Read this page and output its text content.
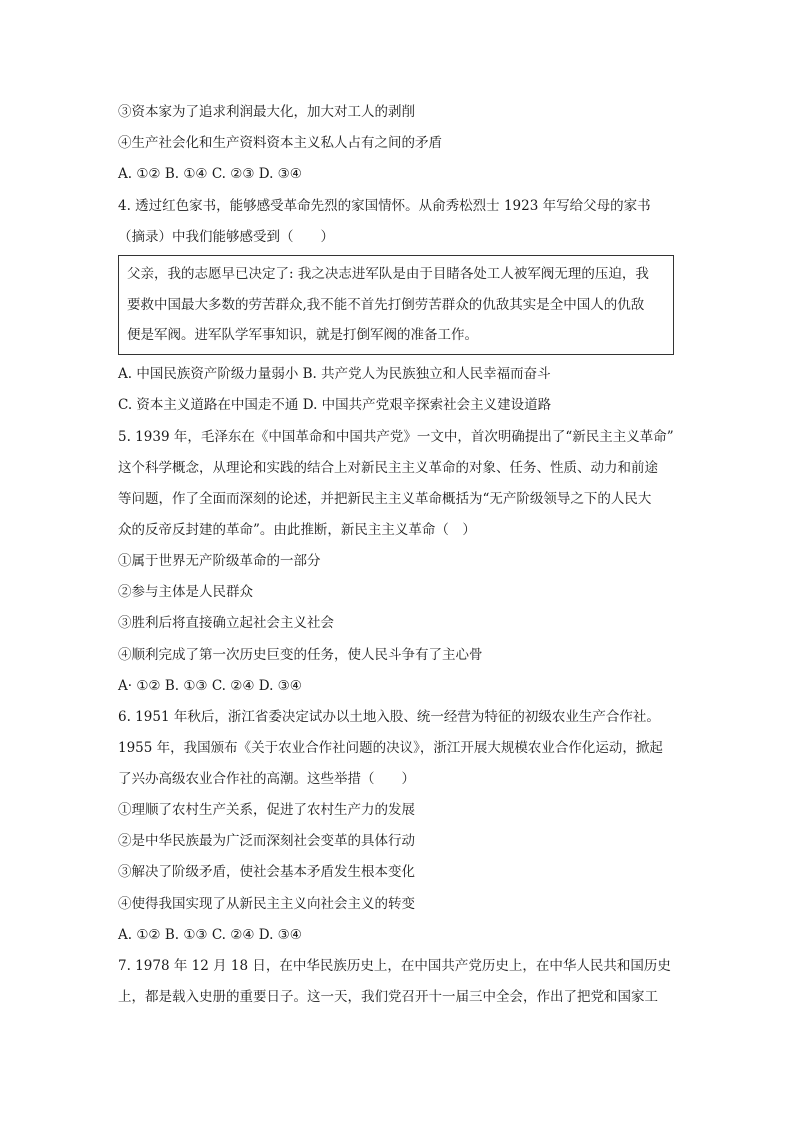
③资本家为了追求利润最大化，加大对工人的剥削
④生产社会化和生产资料资本主义私人占有之间的矛盾
A. ①② B. ①④ C. ②③ D. ③④
4. 透过红色家书，能够感受革命先烈的家国情怀。从俞秀松烈士 1923 年写给父母的家书
（摘录）中我们能够感受到（　　）
父亲，我的志愿早已决定了: 我之决志进军队是由于目睹各处工人被军阀无理的压迫，我
要救中国最大多数的劳苦群众,我不能不首先打倒劳苦群众的仇敌其实是全中国人的仇敌
便是军阀。进军队学军事知识，就是打倒军阀的准备工作。
A. 中国民族资产阶级力量弱小 B. 共产党人为民族独立和人民幸福而奋斗
C. 资本主义道路在中国走不通 D. 中国共产党艰辛探索社会主义建设道路
5. 1939 年，毛泽东在《中国革命和中国共产党》一文中，首次明确提出了“新民主主义革命”
这个科学概念，从理论和实践的结合上对新民主主义革命的对象、任务、性质、动力和前途
等问题，作了全面而深刻的论述，并把新民主主义革命概括为“无产阶级领导之下的人民大
众的反帝反封建的革命”。由此推断，新民主主义革命（　）
①属于世界无产阶级革命的一部分
②参与主体是人民群众
③胜利后将直接确立起社会主义社会
④顺利完成了第一次历史巨变的任务，使人民斗争有了主心骨
A· ①② B. ①③ C. ②④ D. ③④
6. 1951 年秋后，浙江省委决定试办以土地入股、统一经营为特征的初级农业生产合作社。
1955 年，我国颁布《关于农业合作社问题的决议》，浙江开展大规模农业合作化运动，掀起
了兴办高级农业合作社的高潮。这些举措（　　）
①理顺了农村生产关系，促进了农村生产力的发展
②是中华民族最为广泛而深刻社会变革的具体行动
③解决了阶级矛盾，使社会基本矛盾发生根本变化
④使得我国实现了从新民主主义向社会主义的转变
A. ①② B. ①③ C. ②④ D. ③④
7. 1978 年 12 月 18 日，在中华民族历史上，在中国共产党历史上，在中华人民共和国历史
上，都是载入史册的重要日子。这一天，我们党召开十一届三中全会，作出了把党和国家工
